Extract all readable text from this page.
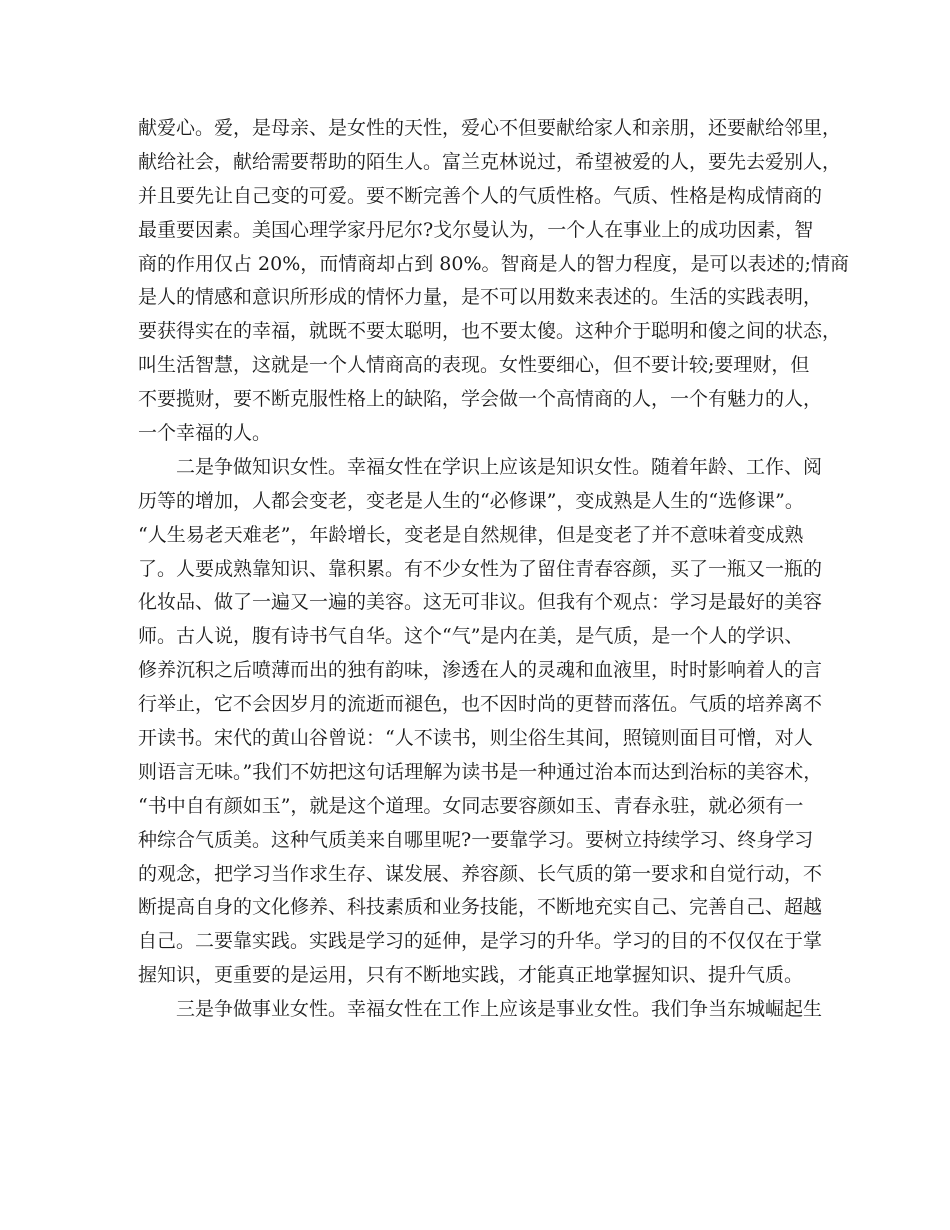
献爱心。爱，是母亲、是女性的天性，爱心不但要献给家人和亲朋，还要献给邻里，
献给社会，献给需要帮助的陌生人。富兰克林说过，希望被爱的人，要先去爱别人，
并且要先让自己变的可爱。要不断完善个人的气质性格。气质、性格是构成情商的
最重要因素。美国心理学家丹尼尔?戈尔曼认为，一个人在事业上的成功因素，智
商的作用仅占 20%，而情商却占到 80%。智商是人的智力程度，是可以表述的;情商
是人的情感和意识所形成的情怀力量，是不可以用数来表述的。生活的实践表明，
要获得实在的幸福，就既不要太聪明，也不要太傻。这种介于聪明和傻之间的状态，
叫生活智慧，这就是一个人情商高的表现。女性要细心，但不要计较;要理财，但
不要揽财，要不断克服性格上的缺陷，学会做一个高情商的人，一个有魅力的人，
一个幸福的人。
二是争做知识女性。幸福女性在学识上应该是知识女性。随着年龄、工作、阅
历等的增加，人都会变老，变老是人生的“必修课”，变成熟是人生的“选修课”。
“人生易老天难老”，年龄增长，变老是自然规律，但是变老了并不意味着变成熟
了。人要成熟靠知识、靠积累。有不少女性为了留住青春容颜，买了一瓶又一瓶的
化妆品、做了一遍又一遍的美容。这无可非议。但我有个观点：学习是最好的美容
师。古人说，腹有诗书气自华。这个“气”是内在美，是气质，是一个人的学识、
修养沉积之后喷薄而出的独有韵味，渗透在人的灵魂和血液里，时时影响着人的言
行举止，它不会因岁月的流逝而褪色，也不因时尚的更替而落伍。气质的培养离不
开读书。宋代的黄山谷曾说：“人不读书，则尘俗生其间，照镜则面目可憎，对人
则语言无味。”我们不妨把这句话理解为读书是一种通过治本而达到治标的美容术，
“书中自有颜如玉”，就是这个道理。女同志要容颜如玉、青春永驻，就必须有一
种综合气质美。这种气质美来自哪里呢?一要靠学习。要树立持续学习、终身学习
的观念，把学习当作求生存、谋发展、养容颜、长气质的第一要求和自觉行动，不
断提高自身的文化修养、科技素质和业务技能，不断地充实自己、完善自己、超越
自己。二要靠实践。实践是学习的延伸，是学习的升华。学习的目的不仅仅在于掌
握知识，更重要的是运用，只有不断地实践，才能真正地掌握知识、提升气质。
三是争做事业女性。幸福女性在工作上应该是事业女性。我们争当东城崛起生
